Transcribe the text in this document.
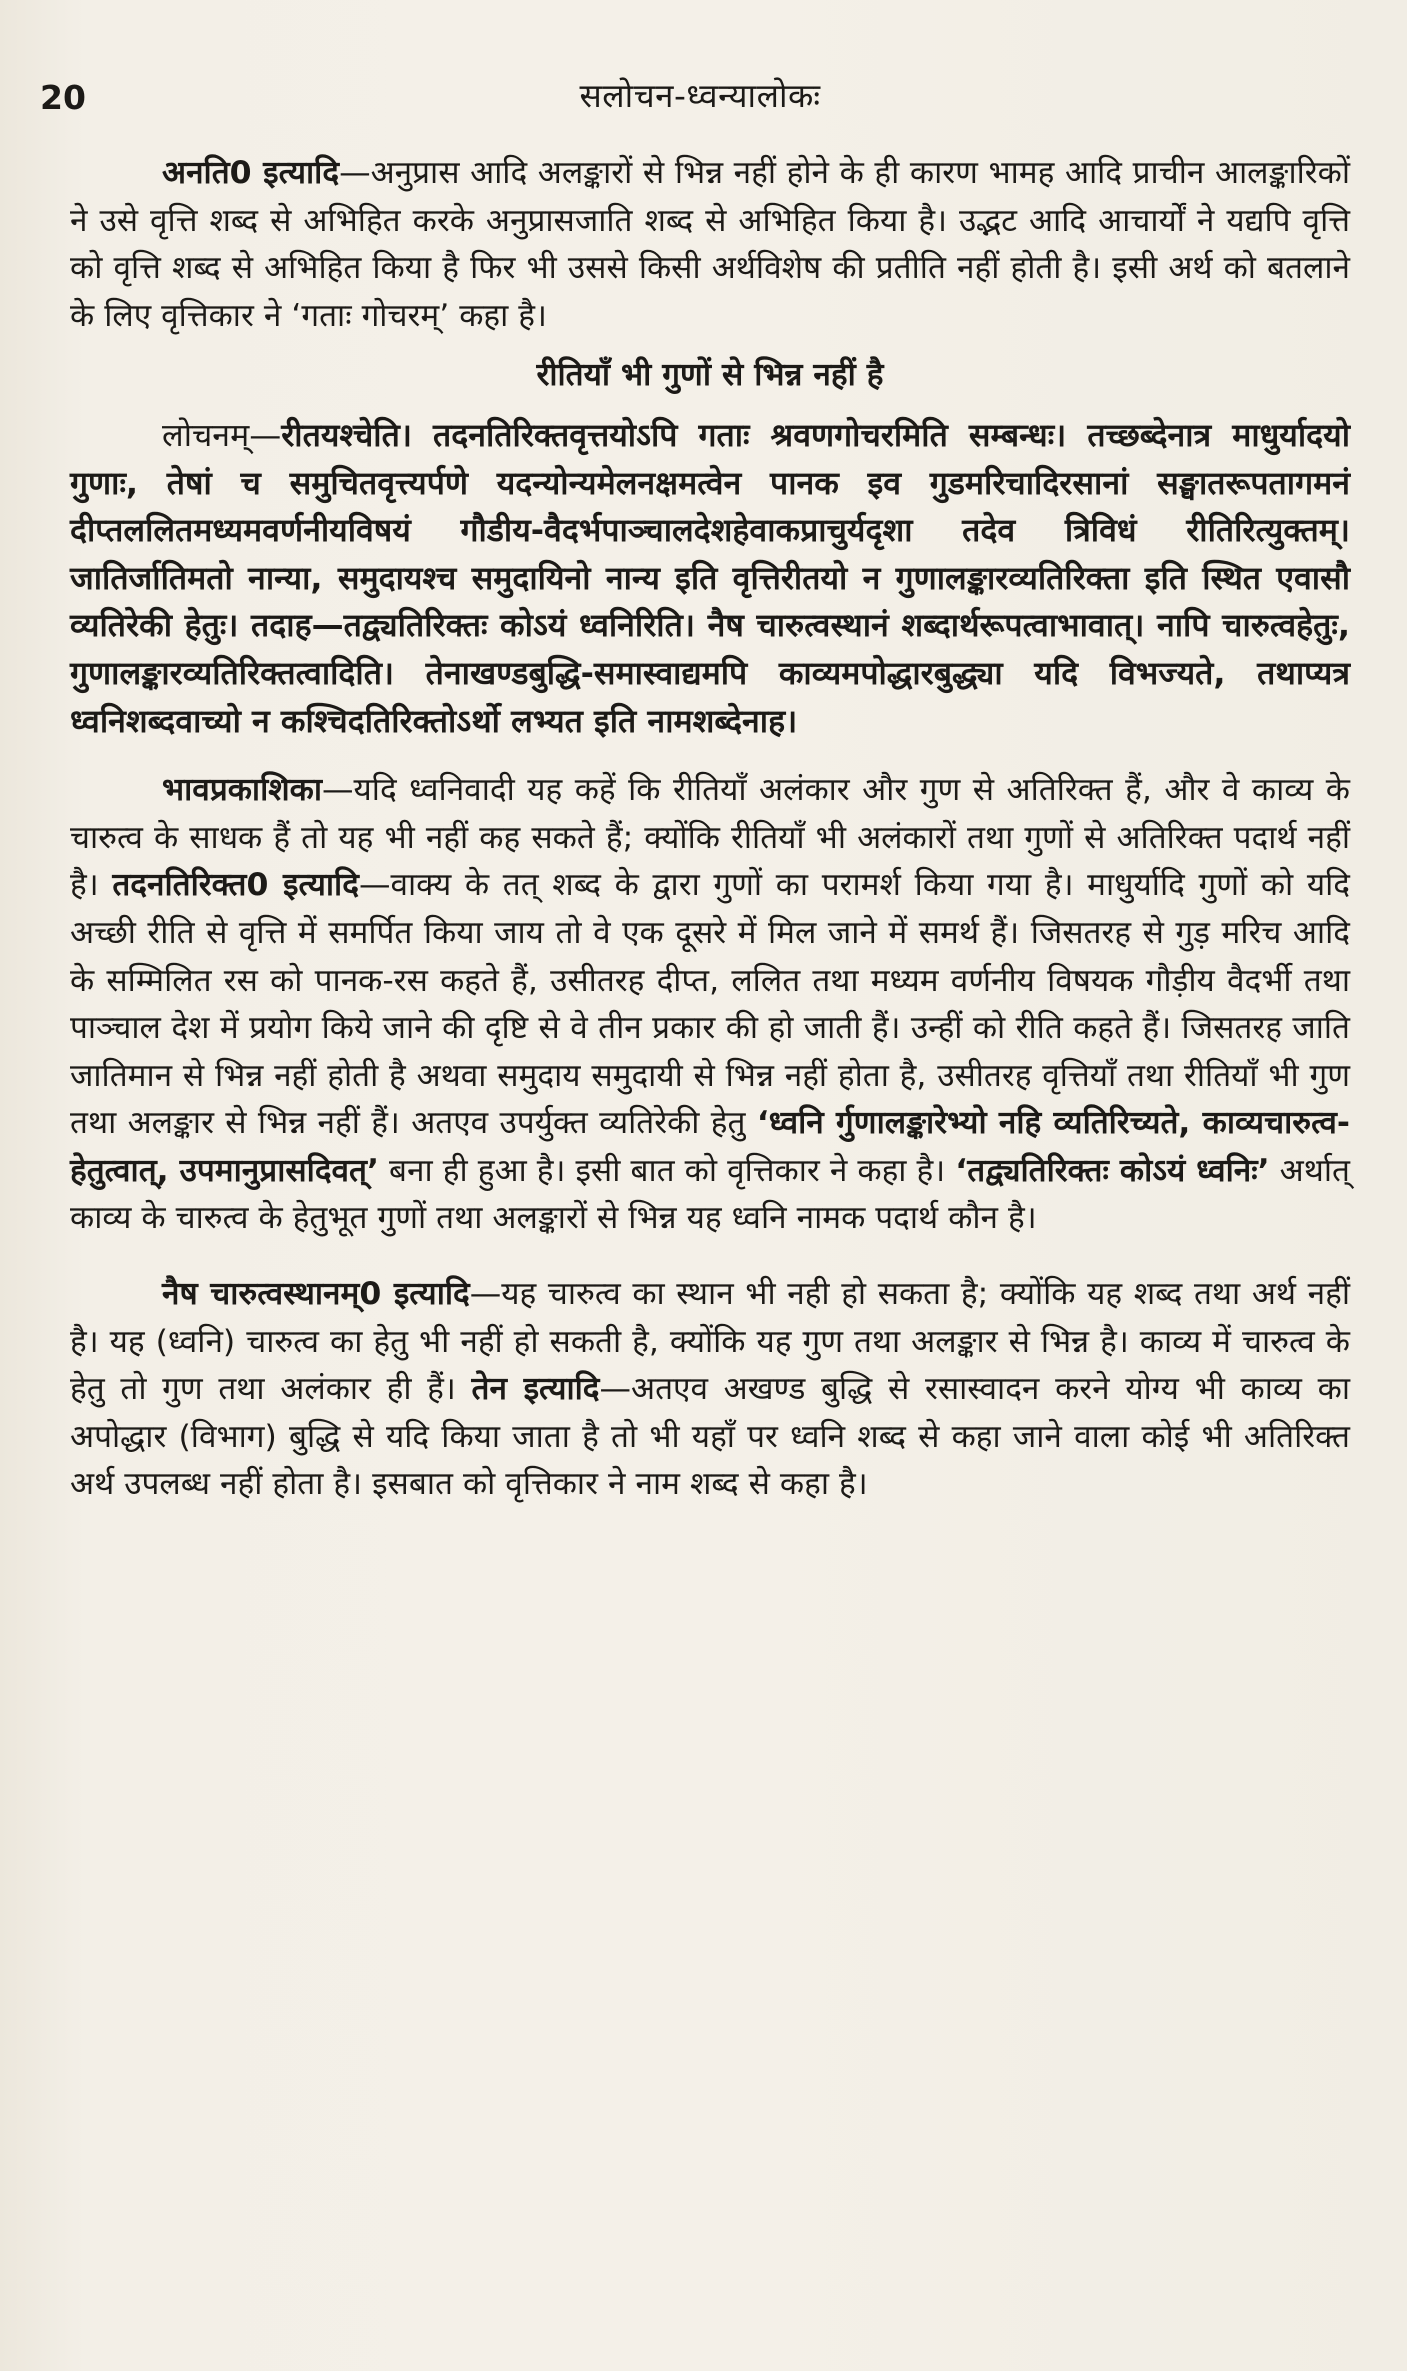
20	सलोचन-ध्वन्यालोकः

अनति0 इत्यादि—अनुप्रास आदि अलङ्कारों से भिन्न नहीं होने के ही कारण भामह आदि प्राचीन आलङ्कारिकों ने उसे वृत्ति शब्द से अभिहित करके अनुप्रासजाति शब्द से अभिहित किया है। उद्भट आदि आचार्यों ने यद्यपि वृत्ति को वृत्ति शब्द से अभिहित किया है फिर भी उससे किसी अर्थविशेष की प्रतीति नहीं होती है। इसी अर्थ को बतलाने के लिए वृत्तिकार ने ‘गताः गोचरम्’ कहा है।

रीतियाँ भी गुणों से भिन्न नहीं है

लोचनम्—रीतयश्चेति। तदनतिरिक्तवृत्तयोऽपि गताः श्रवणगोचरमिति सम्बन्धः। तच्छब्देनात्र माधुर्यादयो गुणाः, तेषां च समुचितवृत्त्यर्पणे यदन्योन्यमेलनक्षमत्वेन पानक इव गुडमरिचादिरसानां सङ्घातरूपतागमनं दीप्तललितमध्यमवर्णनीयविषयं गौडीय-वैदर्भपाञ्चालदेशहेवाकप्राचुर्यदृशा तदेव त्रिविधं रीतिरित्युक्तम्। जातिर्जातिमतो नान्या, समुदायश्च समुदायिनो नान्य इति वृत्तिरीतयो न गुणालङ्कारव्यतिरिक्ता इति स्थित एवासौ व्यतिरेकी हेतुः। तदाह—तद्व्यतिरिक्तः कोऽयं ध्वनिरिति। नैष चारुत्वस्थानं शब्दार्थरूपत्वाभावात्। नापि चारुत्वहेतुः, गुणालङ्कारव्यतिरिक्तत्वादिति। तेनाखण्डबुद्धि-समास्वाद्यमपि काव्यमपोद्धारबुद्ध्या यदि विभज्यते, तथाप्यत्र ध्वनिशब्दवाच्यो न कश्चिदतिरिक्तोऽर्थो लभ्यत इति नामशब्देनाह।

भावप्रकाशिका—यदि ध्वनिवादी यह कहें कि रीतियाँ अलंकार और गुण से अतिरिक्त हैं, और वे काव्य के चारुत्व के साधक हैं तो यह भी नहीं कह सकते हैं; क्योंकि रीतियाँ भी अलंकारों तथा गुणों से अतिरिक्त पदार्थ नहीं है। तदनतिरिक्त0 इत्यादि—वाक्य के तत् शब्द के द्वारा गुणों का परामर्श किया गया है। माधुर्यादि गुणों को यदि अच्छी रीति से वृत्ति में समर्पित किया जाय तो वे एक दूसरे में मिल जाने में समर्थ हैं। जिसतरह से गुड़ मरिच आदि के सम्मिलित रस को पानक-रस कहते हैं, उसीतरह दीप्त, ललित तथा मध्यम वर्णनीय विषयक गौड़ीय वैदर्भी तथा पाञ्चाल देश में प्रयोग किये जाने की दृष्टि से वे तीन प्रकार की हो जाती हैं। उन्हीं को रीति कहते हैं। जिसतरह जाति जातिमान से भिन्न नहीं होती है अथवा समुदाय समुदायी से भिन्न नहीं होता है, उसीतरह वृत्तियाँ तथा रीतियाँ भी गुण तथा अलङ्कार से भिन्न नहीं हैं। अतएव उपर्युक्त व्यतिरेकी हेतु ‘ध्वनि र्गुणालङ्कारेभ्यो नहि व्यतिरिच्यते, काव्यचारुत्व-हेतुत्वात्, उपमानुप्रासदिवत्’ बना ही हुआ है। इसी बात को वृत्तिकार ने कहा है। ‘तद्व्यतिरिक्तः कोऽयं ध्वनिः’ अर्थात् काव्य के चारुत्व के हेतुभूत गुणों तथा अलङ्कारों से भिन्न यह ध्वनि नामक पदार्थ कौन है।

नैष चारुत्वस्थानम्0 इत्यादि—यह चारुत्व का स्थान भी नही हो सकता है; क्योंकि यह शब्द तथा अर्थ नहीं है। यह (ध्वनि) चारुत्व का हेतु भी नहीं हो सकती है, क्योंकि यह गुण तथा अलङ्कार से भिन्न है। काव्य में चारुत्व के हेतु तो गुण तथा अलंकार ही हैं। तेन इत्यादि—अतएव अखण्ड बुद्धि से रसास्वादन करने योग्य भी काव्य का अपोद्धार (विभाग) बुद्धि से यदि किया जाता है तो भी यहाँ पर ध्वनि शब्द से कहा जाने वाला कोई भी अतिरिक्त अर्थ उपलब्ध नहीं होता है। इसबात को वृत्तिकार ने नाम शब्द से कहा है।
